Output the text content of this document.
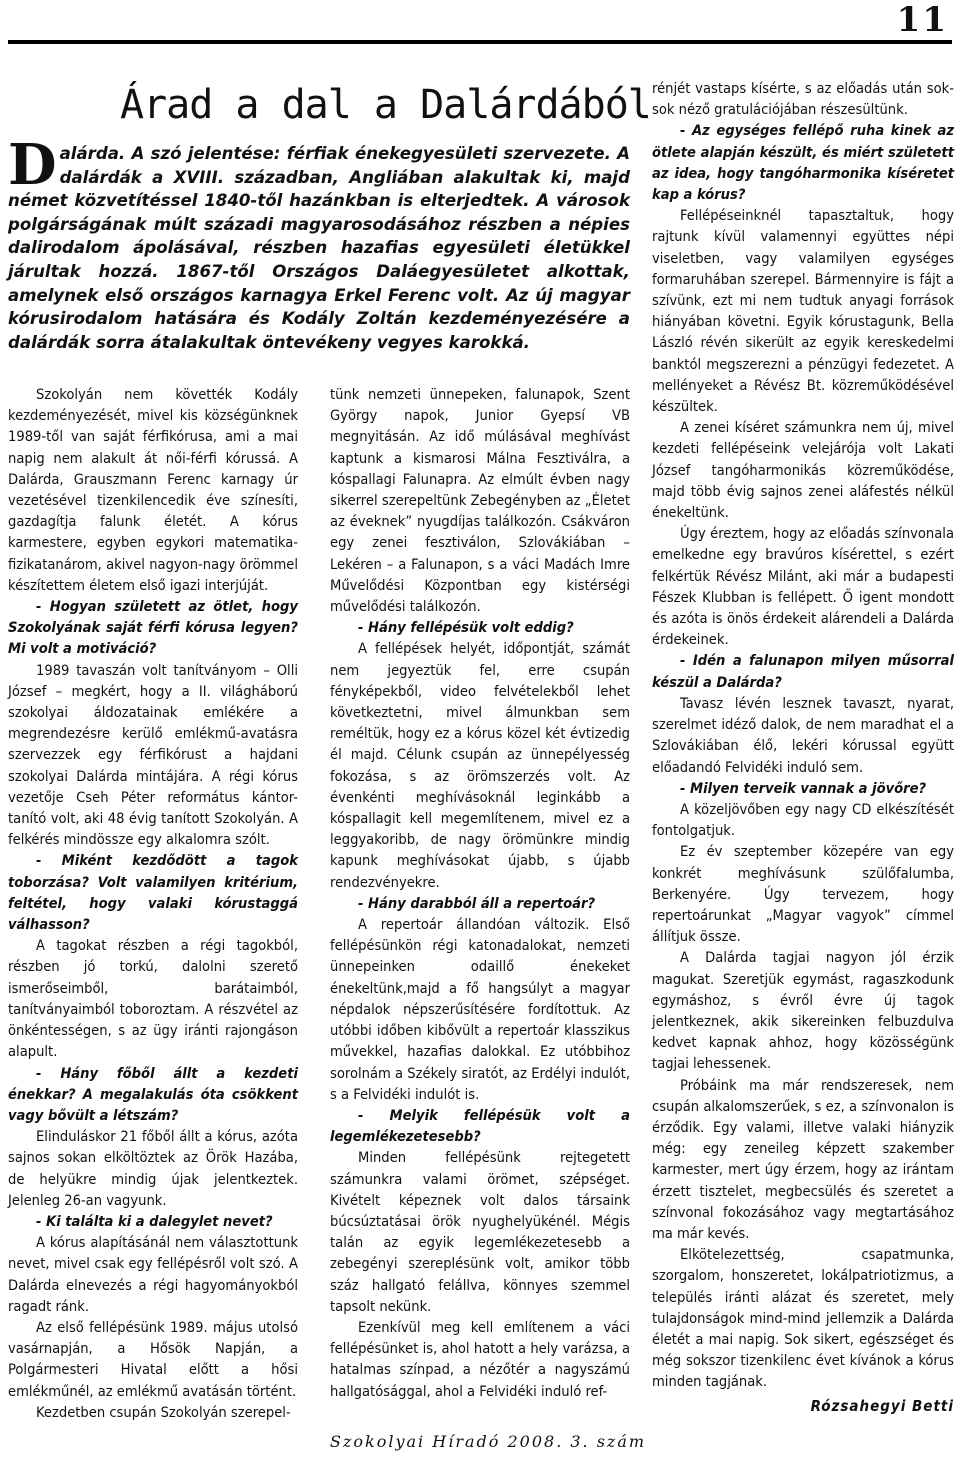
11
Árad a dal a Dalárdából

Dalárda. A szó jelentése: férfiak énekegyesületi szervezete. A dalárdák a XVIII. században, Angliában alakultak ki, majd német közvetítéssel 1840-től hazánkban is elterjedtek. A városok polgárságának múlt századi magyarosodásához részben a népies dalirodalom ápolásával, részben hazafias egyesületi életükkel járultak hozzá. 1867-től Országos Daláegyesületet alkottak, amelynek első országos karnagya Erkel Ferenc volt. Az új magyar kórusirodalom hatására és Kodály Zoltán kezdeményezésére a dalárdák sorra átalakultak öntevékeny vegyes karokká.

Szokolyán nem követték Kodály kezdeményezését, mivel kis községünknek 1989-től van saját férfikórusa, ami a mai napig nem alakult át női-férfi kórussá. A Dalárda, Grauszmann Ferenc karnagy úr vezetésével tizenkilencedik éve színesíti, gazdagítja falunk életét. A kórus karmestere, egyben egykori matematika-fizikatanárom, akivel nagyon-nagy örömmel készítettem életem első igazi interjúját.

- Hogyan született az ötlet, hogy Szokolyának saját férfi kórusa legyen? Mi volt a motiváció?

1989 tavaszán volt tanítványom – Olli József – megkért, hogy a II. világháború szokolyai áldozatainak emlékére a megrendezésre kerülő emlékmű-avatásra szervezzek egy férfikórust a hajdani szokolyai Dalárda mintájára. A régi kórus vezetője Cseh Péter református kántor-tanító volt, aki 48 évig tanított Szokolyán. A felkérés mindössze egy alkalomra szólt.

- Miként kezdődött a tagok toborzása? Volt valamilyen kritérium, feltétel, hogy valaki kórustaggá válhasson?

A tagokat részben a régi tagokból, részben jó torkú, dalolni szerető ismerőseimből, barátaimból, tanítványaimból toboroztam. A részvétel az önkéntességen, s az ügy iránti rajongáson alapult.

- Hány főből állt a kezdeti énekkar? A megalakulás óta csökkent vagy bővült a létszám?

Elinduláskor 21 főből állt a kórus, azóta sajnos sokan elköltöztek az Örök Hazába, de helyükre mindig újak jelentkeztek. Jelenleg 26-an vagyunk.

- Ki találta ki a dalegylet nevet?

A kórus alapításánál nem választottunk nevet, mivel csak egy fellépésről volt szó. A Dalárda elnevezés a régi hagyományokból ragadt ránk.

Az első fellépésünk 1989. május utolsó vasárnapján, a Hősök Napján, a Polgármesteri Hivatal előtt a hősi emlékműnél, az emlékmű avatásán történt.

Kezdetben csupán Szokolyán szerepel-

tünk nemzeti ünnepeken, falunapok, Szent György napok, Junior Gyepsí VB megnyitásán. Az idő múlásával meghívást kaptunk a kismarosi Málna Fesztiválra, a kóspallagi Falunapra. Az elmúlt évben nagy sikerrel szerepeltünk Zebegényben az „Életet az éveknek” nyugdíjas találkozón. Csákváron egy zenei fesztiválon, Szlovákiában – Lekéren – a Falunapon, s a váci Madách Imre Művelődési Központban egy kistérségi művelődési találkozón.

- Hány fellépésük volt eddig?

A fellépések helyét, időpontját, számát nem jegyeztük fel, erre csupán fényképekből, video felvételekből lehet következtetni, mivel álmunkban sem reméltük, hogy ez a kórus közel két évtizedig él majd. Célunk csupán az ünnepélyesség fokozása, s az örömszerzés volt. Az évenkénti meghívásoknál leginkább a kóspallagit kell megemlítenem, mivel ez a leggyakoribb, de nagy örömünkre mindig kapunk meghívásokat újabb, s újabb rendezvényekre.

- Hány darabból áll a repertoár?

A repertoár állandóan változik. Első fellépésünkön régi katonadalokat, nemzeti ünnepeinken odaillő énekeket énekeltünk,majd a fő hangsúlyt a magyar népdalok népszerűsítésére fordítottuk. Az utóbbi időben kibővült a repertoár klasszikus művekkel, hazafias dalokkal. Ez utóbbihoz sorolnám a Székely siratót, az Erdélyi indulót, s a Felvidéki indulót is.

- Melyik fellépésük volt a legemlékezetesebb?

Minden fellépésünk rejtegetett számunkra valami örömet, szépséget. Kivételt képeznek volt dalos társaink búcsúztatásai örök nyughelyükénél. Mégis talán az egyik legemlékezetesebb a zebegényi szereplésünk volt, amikor több száz hallgató felállva, könnyes szemmel tapsolt nekünk.

Ezenkívül meg kell említenem a váci fellépésünket is, ahol hatott a hely varázsa, a hatalmas színpad, a nézőtér a nagyszámú hallgatósággal, ahol a Felvidéki induló ref-

rénjét vastaps kísérte, s az előadás után sok-sok néző gratulációjában részesültünk.

- Az egységes fellépő ruha kinek az ötlete alapján készült, és miért született az idea, hogy tangóharmonika kíséretet kap a kórus?

Fellépéseinknél tapasztaltuk, hogy rajtunk kívül valamennyi együttes népi viseletben, vagy valamilyen egységes formaruhában szerepel. Bármennyire is fájt a szívünk, ezt mi nem tudtuk anyagi források hiányában követni. Egyik kórustagunk, Bella László révén sikerült az egyik kereskedelmi banktól megszerezni a pénzügyi fedezetet. A mellényeket a Révész Bt. közreműködésével készültek.

A zenei kíséret számunkra nem új, mivel kezdeti fellépéseink velejárója volt Lakati József tangóharmonikás közreműködése, majd több évig sajnos zenei aláfestés nélkül énekeltünk.

Úgy éreztem, hogy az előadás színvonala emelkedne egy bravúros kísérettel, s ezért felkértük Révész Milánt, aki már a budapesti Fészek Klubban is fellépett. Ő igent mondott és azóta is önös érdekeit alárendeli a Dalárda érdekeinek.

- Idén a falunapon milyen műsorral készül a Dalárda?

Tavasz lévén lesznek tavaszt, nyarat, szerelmet idéző dalok, de nem maradhat el a Szlovákiában élő, lekéri kórussal együtt előadandó Felvidéki induló sem.

- Milyen terveik vannak a jövőre?

A közeljövőben egy nagy CD elkészítését fontolgatjuk.

Ez év szeptember közepére van egy konkrét meghívásunk szülőfalumba, Berkenyére. Úgy tervezem, hogy repertoárunkat „Magyar vagyok” címmel állítjuk össze.

A Dalárda tagjai nagyon jól érzik magukat. Szeretjük egymást, ragaszkodunk egymáshoz, s évről évre új tagok jelentkeznek, akik sikereinken felbuzdulva kedvet kapnak ahhoz, hogy közösségünk tagjai lehessenek.

Próbáink ma már rendszeresek, nem csupán alkalomszerűek, s ez, a színvonalon is érződik. Egy valami, illetve valaki hiányzik még: egy zeneileg képzett szakember karmester, mert úgy érzem, hogy az irántam érzett tisztelet, megbecsülés és szeretet a színvonal fokozásához vagy megtartásához ma már kevés.

Elkötelezettség, csapatmunka, szorgalom, honszeretet, lokálpatriotizmus, a település iránti alázat és szeretet, mely tulajdonságok mind-mind jellemzik a Dalárda életét a mai napig. Sok sikert, egészséget és még sokszor tizenkilenc évet kívánok a kórus minden tagjának.

Rózsahegyi Betti
Szokolyai Híradó 2008. 3. szám
